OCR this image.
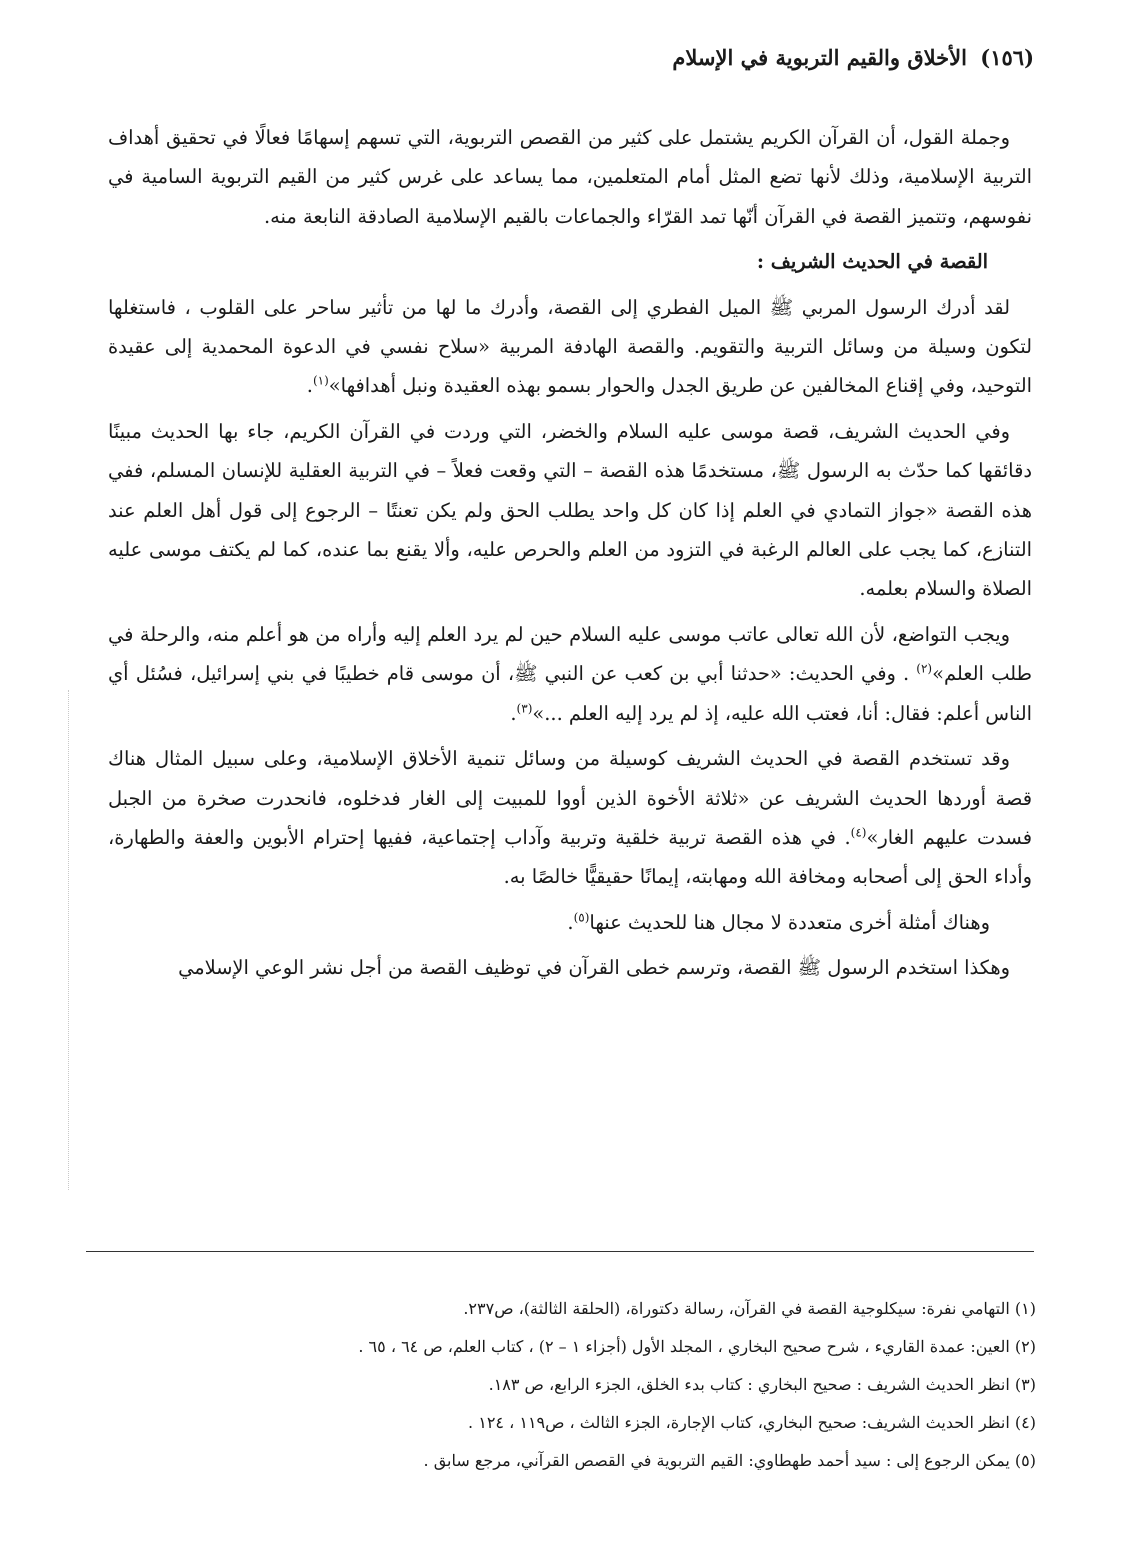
(١٥٦) الأخلاق والقيم التربوية في الإسلام

وجملة القول، أن القرآن الكريم يشتمل على كثير من القصص التربوية، التي تسهم إسهامًا فعالًا في تحقيق أهداف التربية الإسلامية، وذلك لأنها تضع المثل أمام المتعلمين، مما يساعد على غرس كثير من القيم التربوية السامية في نفوسهم، وتتميز القصة في القرآن أنّها تمد القرّاء والجماعات بالقيم الإسلامية الصادقة النابعة منه.

القصة في الحديث الشريف :

لقد أدرك الرسول المربي ﷺ الميل الفطري إلى القصة، وأدرك ما لها من تأثير ساحر على القلوب ، فاستغلها لتكون وسيلة من وسائل التربية والتقويم. والقصة الهادفة المربية «سلاح نفسي في الدعوة المحمدية إلى عقيدة التوحيد، وفي إقناع المخالفين عن طريق الجدل والحوار بسمو بهذه العقيدة ونبل أهدافها»$^{(١)}$.

وفي الحديث الشريف، قصة موسى عليه السلام والخضر، التي وردت في القرآن الكريم، جاء بها الحديث مبينًا دقائقها كما حدّث به الرسول ﷺ، مستخدمًا هذه القصة – التي وقعت فعلاً – في التربية العقلية للإنسان المسلم، ففي هذه القصة «جواز التمادي في العلم إذا كان كل واحد يطلب الحق ولم يكن تعنتًا – الرجوع إلى قول أهل العلم عند التنازع، كما يجب على العالم الرغبة في التزود من العلم والحرص عليه، وألا يقنع بما عنده، كما لم يكتف موسى عليه الصلاة والسلام بعلمه.

ويجب التواضع، لأن الله تعالى عاتب موسى عليه السلام حين لم يرد العلم إليه وأراه من هو أعلم منه، والرحلة في طلب العلم»$^{(٢)}$ . وفي الحديث: «حدثنا أبي بن كعب عن النبي ﷺ، أن موسى قام خطيبًا في بني إسرائيل، فسُئل أي الناس أعلم: فقال: أنا، فعتب الله عليه، إذ لم يرد إليه العلم ...»$^{(٣)}$.

وقد تستخدم القصة في الحديث الشريف كوسيلة من وسائل تنمية الأخلاق الإسلامية، وعلى سبيل المثال هناك قصة أوردها الحديث الشريف عن «ثلاثة الأخوة الذين أووا للمبيت إلى الغار فدخلوه، فانحدرت صخرة من الجبل فسدت عليهم الغار»$^{(٤)}$. في هذه القصة تربية خلقية وتربية وآداب إجتماعية، ففيها إحترام الأبوين والعفة والطهارة، وأداء الحق إلى أصحابه ومخافة الله ومهابته، إيمانًا حقيقيًّا خالصًا به.

وهناك أمثلة أخرى متعددة لا مجال هنا للحديث عنها$^{(٥)}$.

وهكذا استخدم الرسول ﷺ القصة، وترسم خطى القرآن في توظيف القصة من أجل نشر الوعي الإسلامي

(١) التهامي نفرة: سيكلوجية القصة في القرآن، رسالة دكتوراة، (الحلقة الثالثة)، ص٢٣٧.

(٢) العين: عمدة القاريء ، شرح صحيح البخاري ، المجلد الأول (أجزاء ١ – ٢) ، كتاب العلم، ص ٦٤ ، ٦٥ .

(٣) انظر الحديث الشريف : صحيح البخاري : كتاب بدء الخلق، الجزء الرابع، ص ١٨٣.

(٤) انظر الحديث الشريف: صحيح البخاري، كتاب الإجارة، الجزء الثالث ، ص١١٩ ، ١٢٤ .

(٥) يمكن الرجوع إلى : سيد أحمد طهطاوي: القيم التربوية في القصص القرآني، مرجع سابق .
